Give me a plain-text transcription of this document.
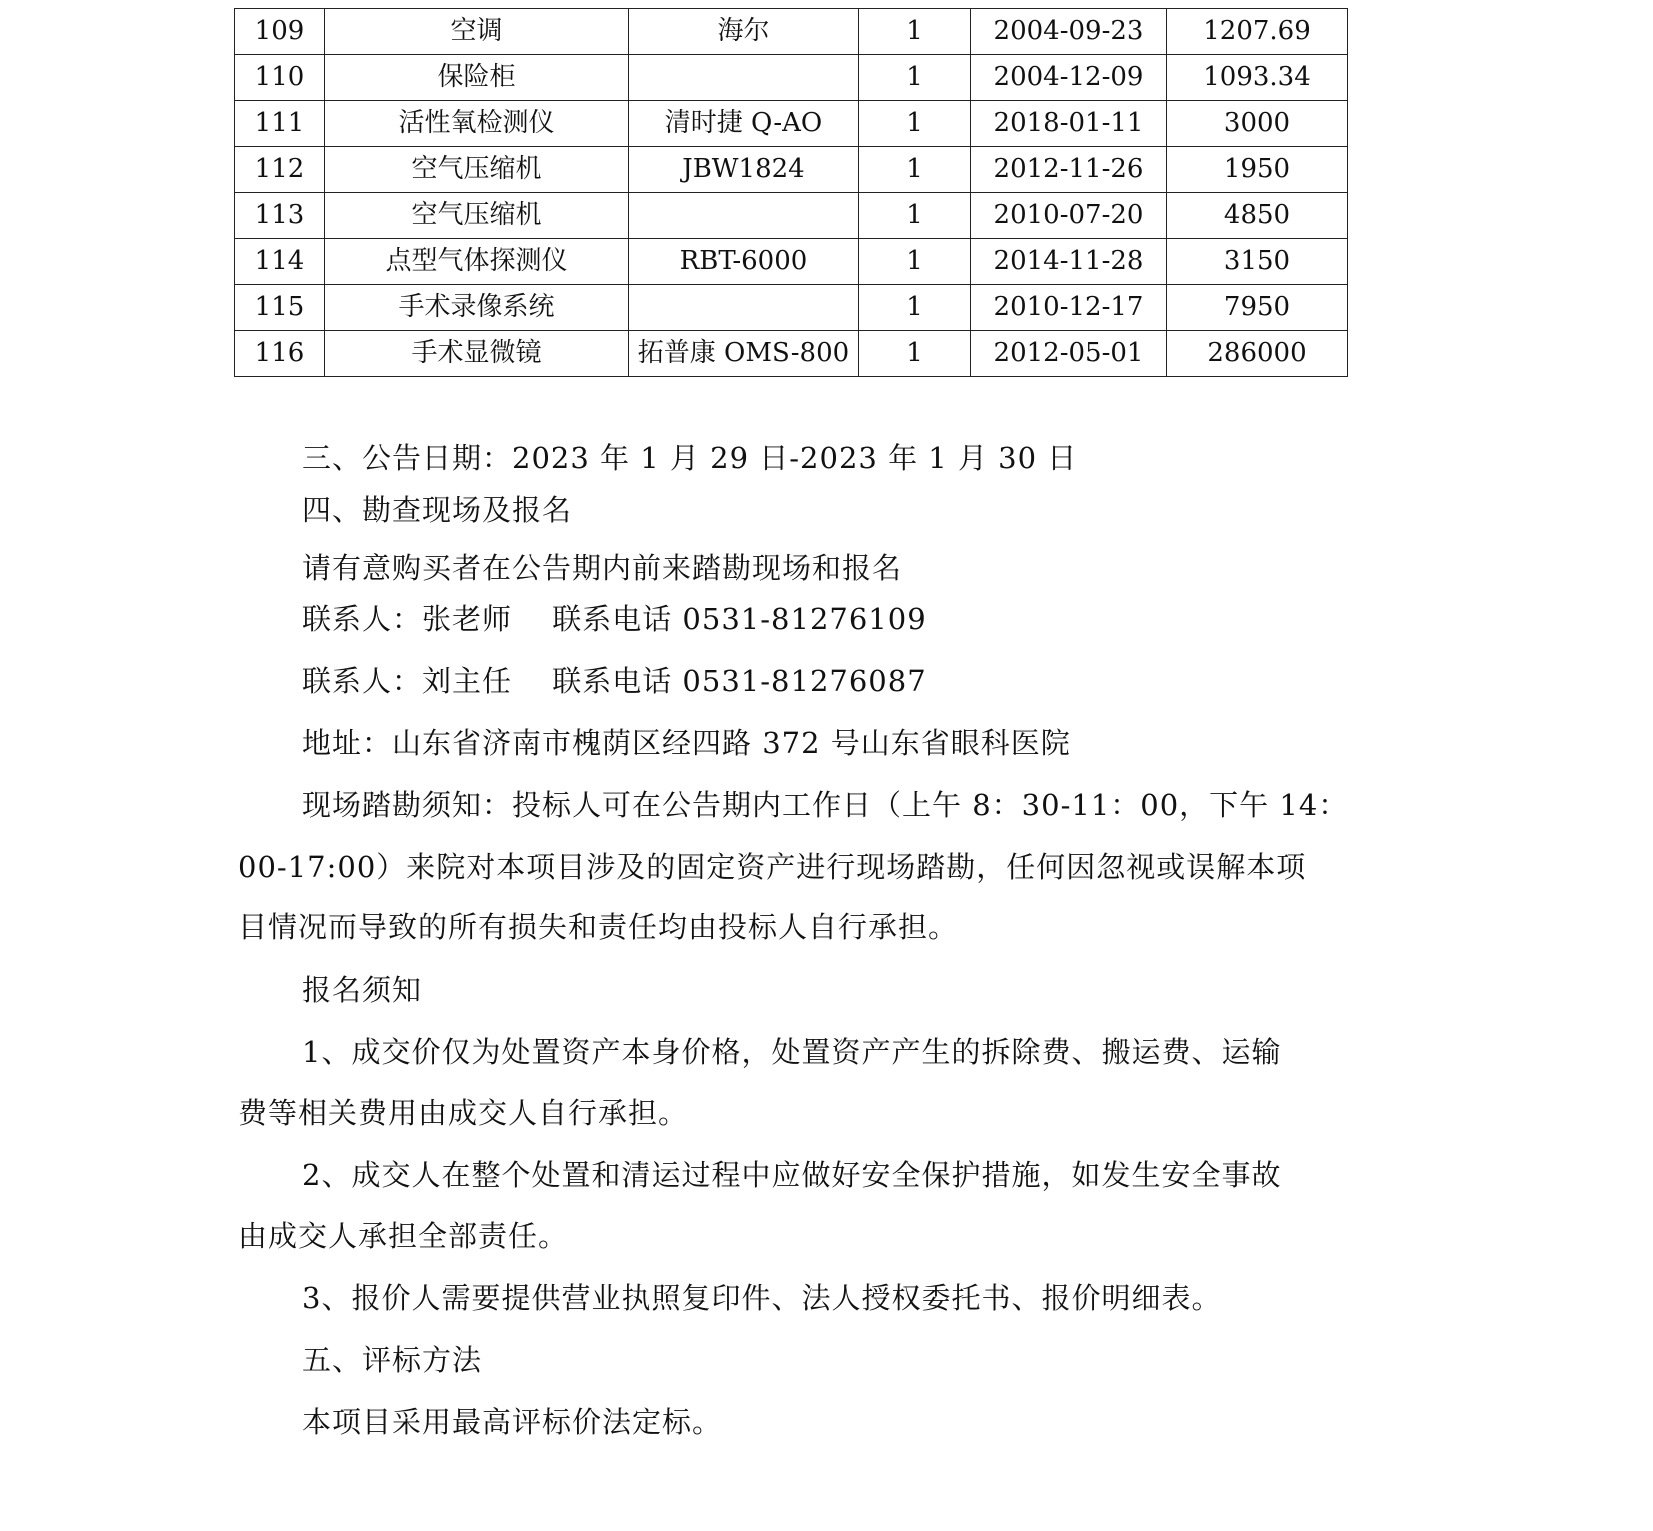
109	空调	海尔	1	2004-09-23	1207.69
110	保险柜		1	2004-12-09	1093.34
111	活性氧检测仪	清时捷 Q-AO	1	2018-01-11	3000
112	空气压缩机	JBW1824	1	2012-11-26	1950
113	空气压缩机		1	2010-07-20	4850
114	点型气体探测仪	RBT-6000	1	2014-11-28	3150
115	手术录像系统		1	2010-12-17	7950
116	手术显微镜	拓普康 OMS-800	1	2012-05-01	286000
三、公告日期：2023 年 1 月 29 日-2023 年 1 月 30 日
四、勘查现场及报名
请有意购买者在公告期内前来踏勘现场和报名
联系人：张老师　 联系电话 0531-81276109
联系人：刘主任　 联系电话 0531-81276087
地址：山东省济南市槐荫区经四路 372 号山东省眼科医院
现场踏勘须知：投标人可在公告期内工作日（上午 8：30-11：00，下午 14：
00-17:00）来院对本项目涉及的固定资产进行现场踏勘，任何因忽视或误解本项
目情况而导致的所有损失和责任均由投标人自行承担。
报名须知
1、成交价仅为处置资产本身价格，处置资产产生的拆除费、搬运费、运输
费等相关费用由成交人自行承担。
2、成交人在整个处置和清运过程中应做好安全保护措施，如发生安全事故
由成交人承担全部责任。
3、报价人需要提供营业执照复印件、法人授权委托书、报价明细表。
五、评标方法
本项目采用最高评标价法定标。
